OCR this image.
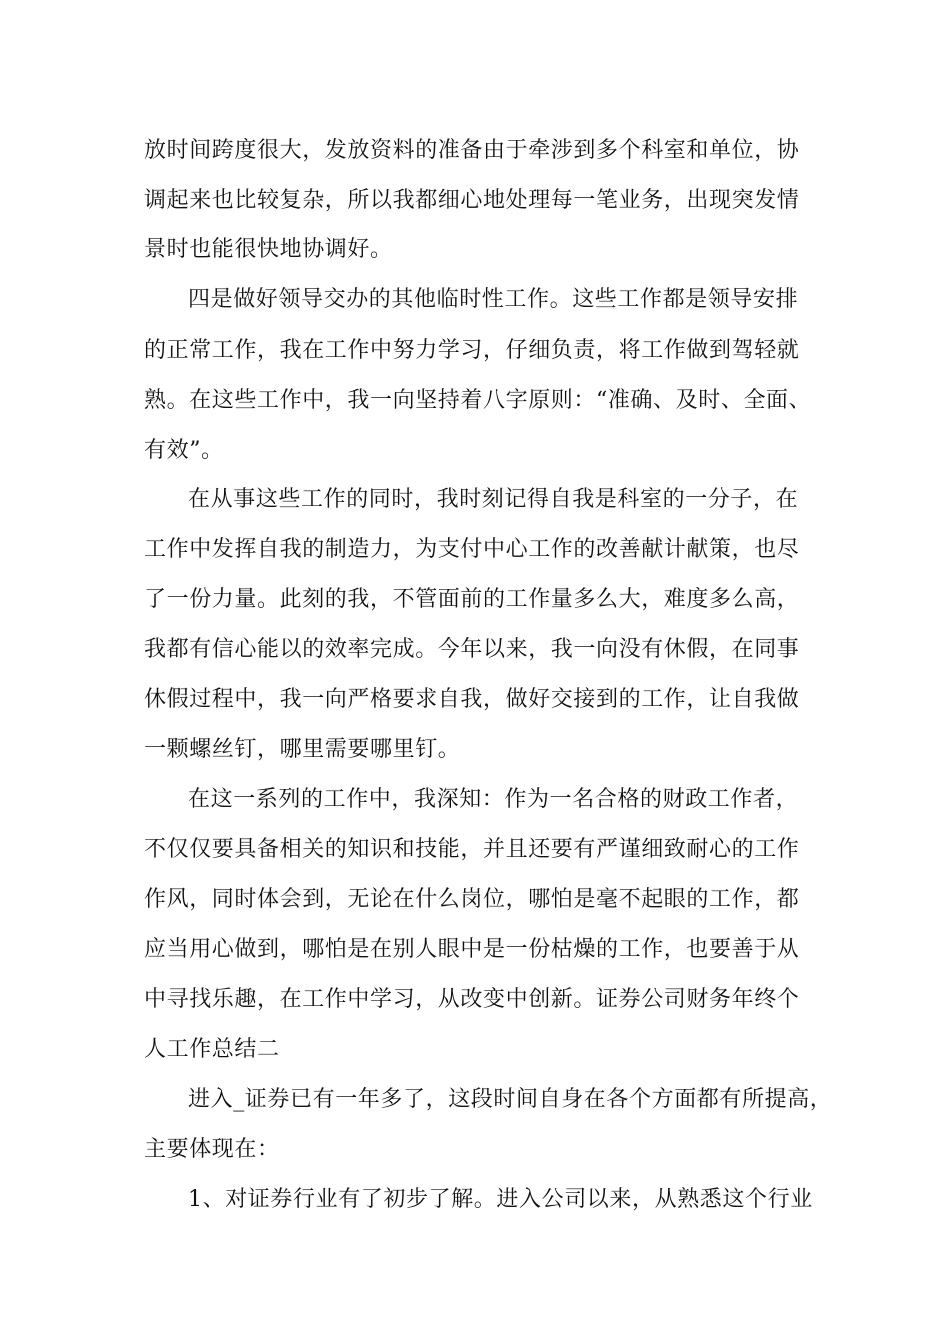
放时间跨度很大，发放资料的准备由于牵涉到多个科室和单位，协
调起来也比较复杂，所以我都细心地处理每一笔业务，出现突发情
景时也能很快地协调好。
四是做好领导交办的其他临时性工作。这些工作都是领导安排
的正常工作，我在工作中努力学习，仔细负责，将工作做到驾轻就
熟。在这些工作中，我一向坚持着八字原则：“准确、及时、全面、
有效”。
在从事这些工作的同时，我时刻记得自我是科室的一分子，在
工作中发挥自我的制造力，为支付中心工作的改善献计献策，也尽
了一份力量。此刻的我，不管面前的工作量多么大，难度多么高，
我都有信心能以的效率完成。今年以来，我一向没有休假，在同事
休假过程中，我一向严格要求自我，做好交接到的工作，让自我做
一颗螺丝钉，哪里需要哪里钉。
在这一系列的工作中，我深知：作为一名合格的财政工作者，
不仅仅要具备相关的知识和技能，并且还要有严谨细致耐心的工作
作风，同时体会到，无论在什么岗位，哪怕是毫不起眼的工作，都
应当用心做到，哪怕是在别人眼中是一份枯燥的工作，也要善于从
中寻找乐趣，在工作中学习，从改变中创新。证券公司财务年终个
人工作总结二
进入_证券已有一年多了，这段时间自身在各个方面都有所提高，
主要体现在：
1、对证券行业有了初步了解。进入公司以来，从熟悉这个行业
